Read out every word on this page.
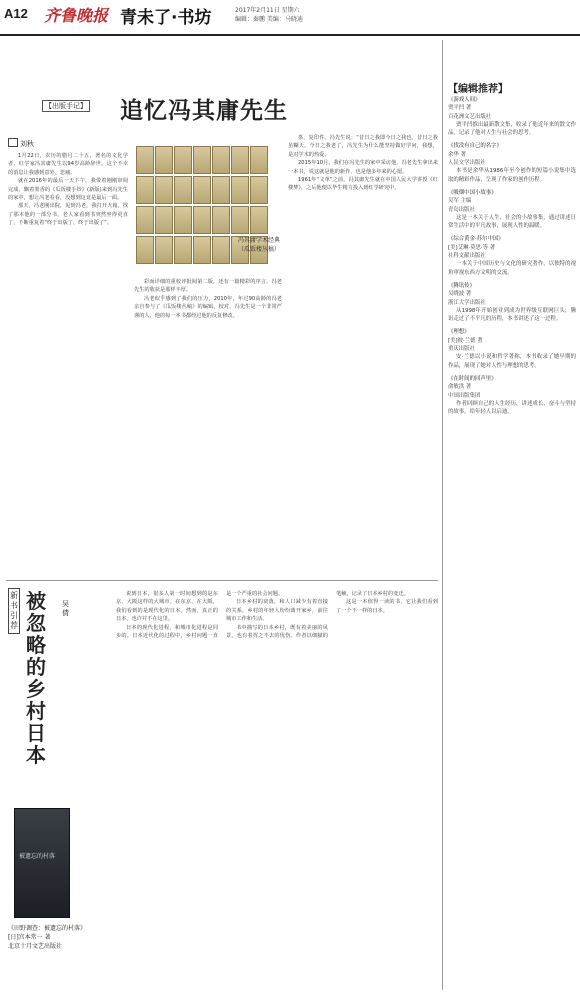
A12 齐鲁晚报 青未了·书坊	2017年2月11日 星期六
编辑：秦鹏 美编：马晓迪
【出版手记】 追忆冯其庸先生
刘秋

1月22日，农历的腊月二十五，著名的文化学者、红学家冯其庸先生以94岁高龄辞世。这个不幸的消息让我感到意外、悲痛。

就在2016年的最后一天下午，我带着刚刚审阅完成、飘着墨香的《瓜饭楼手钞》(新版)来到冯先生的家中，想让冯老看看，没想到这竟是最后一面。

那天，冯老刚出院，见到冯老，我打开大箱，找了那本他的一部分书，老人家看到书突然坐得更直了，不断重复着“终于出版了，终于出版了”。

冯其庸学术经典
（瓜饭楼丛稿）

彩而详细的重校评批阅第二版，还有一篇精彩的序言。冯老先生的收获是那样丰厚。

冯老似乎感到了我们的压力，2010年，年过90高龄的冯老亲自参与了《瓜饭楼丛稿》的编辑、校对。冯先生是一个非常严谨的人，他的每一本书都经过他的反复修改。

茶，复印件。冯先生说：“昔日之我即今日之我也，昔日之我虽糊天。今日之我老了，冯先生为什么能坚持做好学问，我想，是对学术的热爱。

2015年10月，我们在冯先生的家中采访他，冯老先生拿出来一本书，说这就是他的新作，也是他多年来的心愿。

1961年“文革”之前，冯其庸先生就在中国人民大学讲授《红楼梦》，之后他便以毕生精力投入到红学研究中。

【编辑推荐】
《游戏人间》
贾平凹 著
百花洲文艺出版社
贾平凹推出最新散文集，收录了他近年来的散文作品，记录了他对人生与社会的思考。
《找没有自己的名字》
余华 著
人民文学出版社
本书是余华从1986年至今创作的短篇小说集中选取的精彩作品，呈现了作家的创作历程。
《吸烟中国小故事》
吴军 主编
青岛出版社
这是一本关于人生、社会的小故事集，通过讲述日常生活中的平凡故事，展现人性的温暖。
《综合黄金·苏尔中国》
[美]艾琳·莫思·等 著
社科文献出版社
一本关于中国历史与文化的研究著作，以独特的视角审视东西方文明的交流。
《腾讯传》
吴晓波 著
浙江大学出版社
从1998年开始创业到成为世界级互联网巨头，腾讯走过了不平凡的历程，本书讲述了这一过程。
《理想》
[美]彼·兰德 著
重庆出版社
安·兰德以小说和哲学著称，本书收录了她早期的作品，展现了她对人性与理想的思考。
《在时间的回声里》
俞敏洪 著
中国出版集团
作者回顾自己的人生经历，讲述成长、奋斗与坚持的故事，给年轻人以启迪。
新书引荐
被忽略的乡村日本
吴倩
被遗忘的村落
《田野调查：被遗忘的村落》
[日]宫本常一 著
北京十月文艺出版社

说到日本，很多人第一时间想到的是东京、大阪这样的大城市。在东京，在大阪，我们看到的是现代化的日本。然而，真正的日本，也许并不在这里。

日本的现代化进程，和城市化进程是同步的。日本近代化的过程中，乡村问题一直是一个严重的社会问题。

日本乡村的衰落，和人口减少有着直接的关系。乡村的年轻人纷纷离开家乡，前往城市工作和生活。

书中描写的日本乡村，既有着美丽的风景，也有着挥之不去的忧伤。作者以细腻的笔触，记录了日本乡村的变迁。

这是一本值得一读的书，它让我们看到了一个不一样的日本。
